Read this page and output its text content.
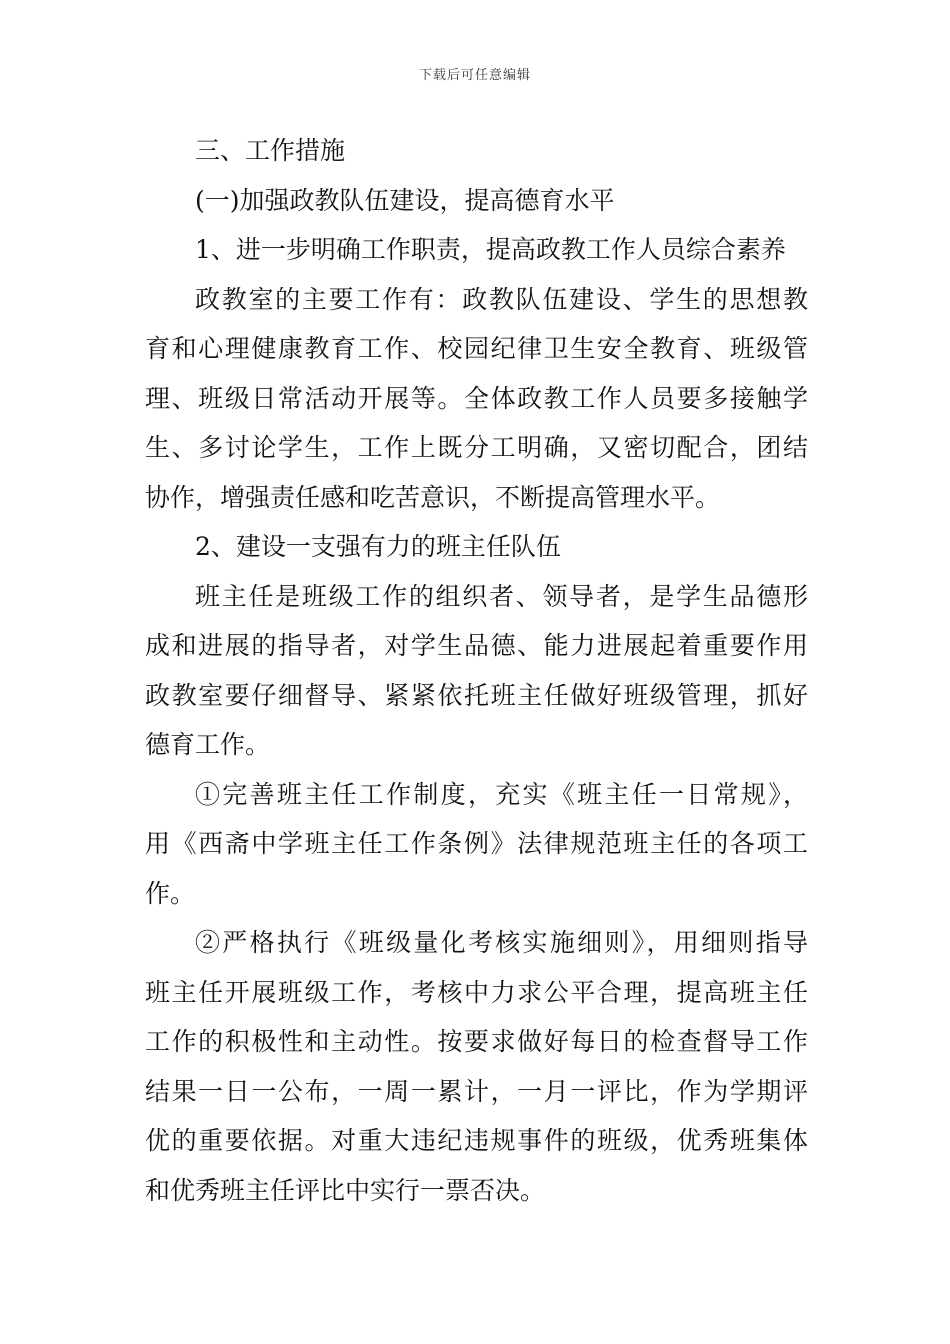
下载后可任意编辑
三、工作措施
(一)加强政教队伍建设，提高德育水平
1、进一步明确工作职责，提高政教工作人员综合素养
政教室的主要工作有：政教队伍建设、学生的思想教
育和心理健康教育工作、校园纪律卫生安全教育、班级管
理、班级日常活动开展等。全体政教工作人员要多接触学
生、多讨论学生，工作上既分工明确，又密切配合，团结
协作，增强责任感和吃苦意识，不断提高管理水平。
2、建设一支强有力的班主任队伍
班主任是班级工作的组织者、领导者，是学生品德形
成和进展的指导者，对学生品德、能力进展起着重要作用
政教室要仔细督导、紧紧依托班主任做好班级管理，抓好
德育工作。
①完善班主任工作制度，充实《班主任一日常规》，
用《西斋中学班主任工作条例》法律规范班主任的各项工
作。
②严格执行《班级量化考核实施细则》，用细则指导
班主任开展班级工作，考核中力求公平合理，提高班主任
工作的积极性和主动性。按要求做好每日的检查督导工作
结果一日一公布，一周一累计，一月一评比，作为学期评
优的重要依据。对重大违纪违规事件的班级，优秀班集体
和优秀班主任评比中实行一票否决。
